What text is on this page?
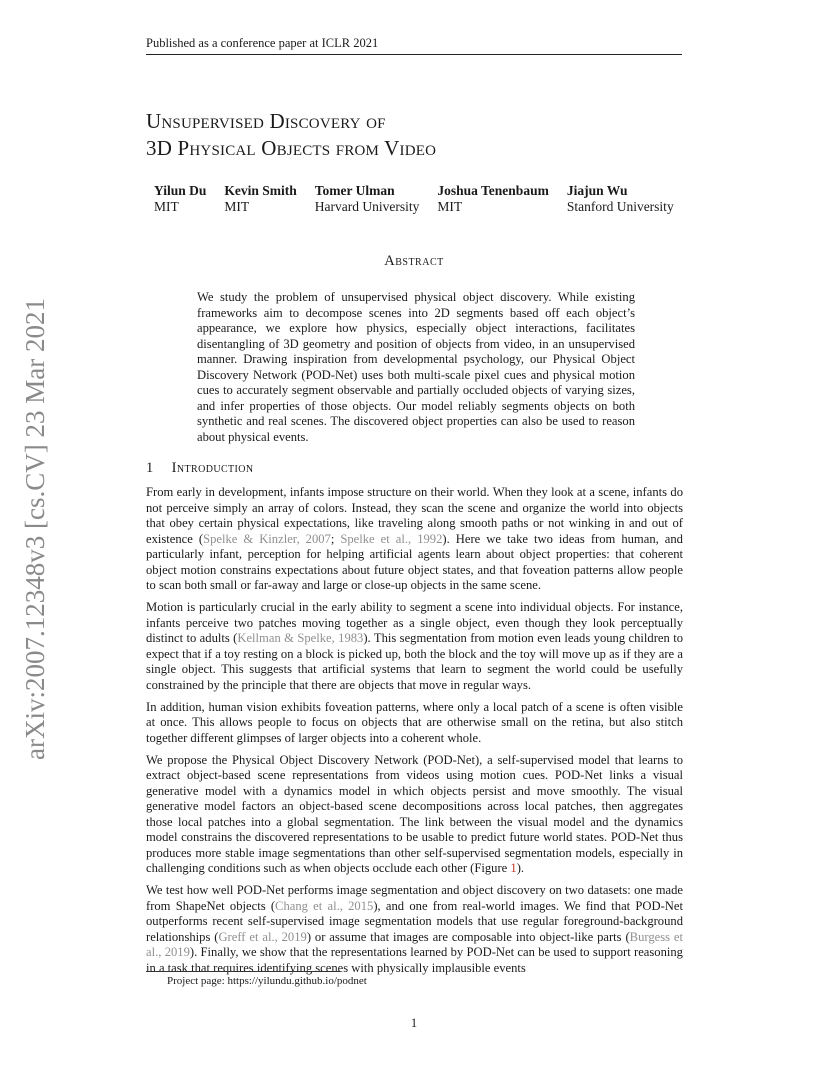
Published as a conference paper at ICLR 2021
arXiv:2007.12348v3 [cs.CV] 23 Mar 2021
Unsupervised Discovery of
3D Physical Objects from Video
Yilun Du
MIT
Kevin Smith
MIT
Tomer Ulman
Harvard University
Joshua Tenenbaum
MIT
Jiajun Wu
Stanford University
Abstract
We study the problem of unsupervised physical object discovery. While existing frameworks aim to decompose scenes into 2D segments based off each object’s appearance, we explore how physics, especially object interactions, facilitates disentangling of 3D geometry and position of objects from video, in an unsupervised manner. Drawing inspiration from developmental psychology, our Physical Object Discovery Network (POD-Net) uses both multi-scale pixel cues and physical motion cues to accurately segment observable and partially occluded objects of varying sizes, and infer properties of those objects. Our model reliably segments objects on both synthetic and real scenes. The discovered object properties can also be used to reason about physical events.
1 Introduction

From early in development, infants impose structure on their world. When they look at a scene, infants do not perceive simply an array of colors. Instead, they scan the scene and organize the world into objects that obey certain physical expectations, like traveling along smooth paths or not winking in and out of existence (Spelke & Kinzler, 2007; Spelke et al., 1992). Here we take two ideas from human, and particularly infant, perception for helping artificial agents learn about object properties: that coherent object motion constrains expectations about future object states, and that foveation patterns allow people to scan both small or far-away and large or close-up objects in the same scene.

Motion is particularly crucial in the early ability to segment a scene into individual objects. For instance, infants perceive two patches moving together as a single object, even though they look perceptually distinct to adults (Kellman & Spelke, 1983). This segmentation from motion even leads young children to expect that if a toy resting on a block is picked up, both the block and the toy will move up as if they are a single object. This suggests that artificial systems that learn to segment the world could be usefully constrained by the principle that there are objects that move in regular ways.

In addition, human vision exhibits foveation patterns, where only a local patch of a scene is often visible at once. This allows people to focus on objects that are otherwise small on the retina, but also stitch together different glimpses of larger objects into a coherent whole.

We propose the Physical Object Discovery Network (POD-Net), a self-supervised model that learns to extract object-based scene representations from videos using motion cues. POD-Net links a visual generative model with a dynamics model in which objects persist and move smoothly. The visual generative model factors an object-based scene decompositions across local patches, then aggregates those local patches into a global segmentation. The link between the visual model and the dynamics model constrains the discovered representations to be usable to predict future world states. POD-Net thus produces more stable image segmentations than other self-supervised segmentation models, especially in challenging conditions such as when objects occlude each other (Figure 1).

We test how well POD-Net performs image segmentation and object discovery on two datasets: one made from ShapeNet objects (Chang et al., 2015), and one from real-world images. We find that POD-Net outperforms recent self-supervised image segmentation models that use regular foreground-background relationships (Greff et al., 2019) or assume that images are composable into object-like parts (Burgess et al., 2019). Finally, we show that the representations learned by POD-Net can be used to support reasoning in a task that requires identifying scenes with physically implausible events

Project page: https://yilundu.github.io/podnet
1
